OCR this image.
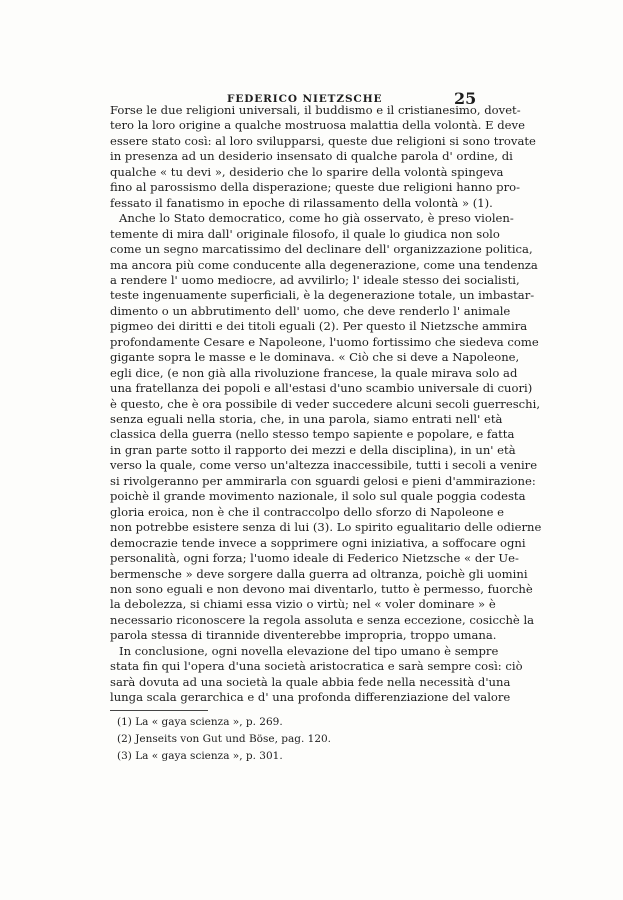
FEDERICO NIETZSCHE	25
Forse le due religioni universali, il buddismo e il cristianesimo, dovet-
tero la loro origine a qualche mostruosa malattia della volontà. E deve
essere stato così: al loro svilupparsi, queste due religioni si sono trovate
in presenza ad un desiderio insensato di qualche parola d' ordine, di
qualche « tu devi », desiderio che lo sparire della volontà spingeva
fino al parossismo della disperazione; queste due religioni hanno pro-
fessato il fanatismo in epoche di rilassamento della volontà » (1).
Anche lo Stato democratico, come ho già osservato, è preso violen-
temente di mira dall' originale filosofo, il quale lo giudica non solo
come un segno marcatissimo del declinare dell' organizzazione politica,
ma ancora più come conducente alla degenerazione, come una tendenza
a rendere l' uomo mediocre, ad avvilirlo; l' ideale stesso dei socialisti,
teste ingenuamente superficiali, è la degenerazione totale, un imbastar-
dimento o un abbrutimento dell' uomo, che deve renderlo l' animale
pigmeo dei diritti e dei titoli eguali (2). Per questo il Nietzsche ammira
profondamente Cesare e Napoleone, l'uomo fortissimo che siedeva come
gigante sopra le masse e le dominava. « Ciò che si deve a Napoleone,
egli dice, (e non già alla rivoluzione francese, la quale mirava solo ad
una fratellanza dei popoli e all'estasi d'uno scambio universale di cuori)
è questo, che è ora possibile di veder succedere alcuni secoli guerreschi,
senza eguali nella storia, che, in una parola, siamo entrati nell' età
classica della guerra (nello stesso tempo sapiente e popolare, e fatta
in gran parte sotto il rapporto dei mezzi e della disciplina), in un' età
verso la quale, come verso un'altezza inaccessibile, tutti i secoli a venire
si rivolgeranno per ammirarla con sguardi gelosi e pieni d'ammirazione:
poichè il grande movimento nazionale, il solo sul quale poggia codesta
gloria eroica, non è che il contraccolpo dello sforzo di Napoleone e
non potrebbe esistere senza di lui (3). Lo spirito egualitario delle odierne
democrazie tende invece a sopprimere ogni iniziativa, a soffocare ogni
personalità, ogni forza; l'uomo ideale di Federico Nietzsche « der Ue-
bermensche » deve sorgere dalla guerra ad oltranza, poichè gli uomini
non sono eguali e non devono mai diventarlo, tutto è permesso, fuorchè
la debolezza, si chiami essa vizio o virtù; nel « voler dominare » è
necessario riconoscere la regola assoluta e senza eccezione, cosicchè la
parola stessa di tirannide diventerebbe impropria, troppo umana.
In conclusione, ogni novella elevazione del tipo umano è sempre
stata fin qui l'opera d'una società aristocratica e sarà sempre così: ciò
sarà dovuta ad una società la quale abbia fede nella necessità d'una
lunga scala gerarchica e d' una profonda differenziazione del valore
(1) La « gaya scienza », p. 269.
(2) Jenseits von Gut und Böse, pag. 120.
(3) La « gaya scienza », p. 301.
